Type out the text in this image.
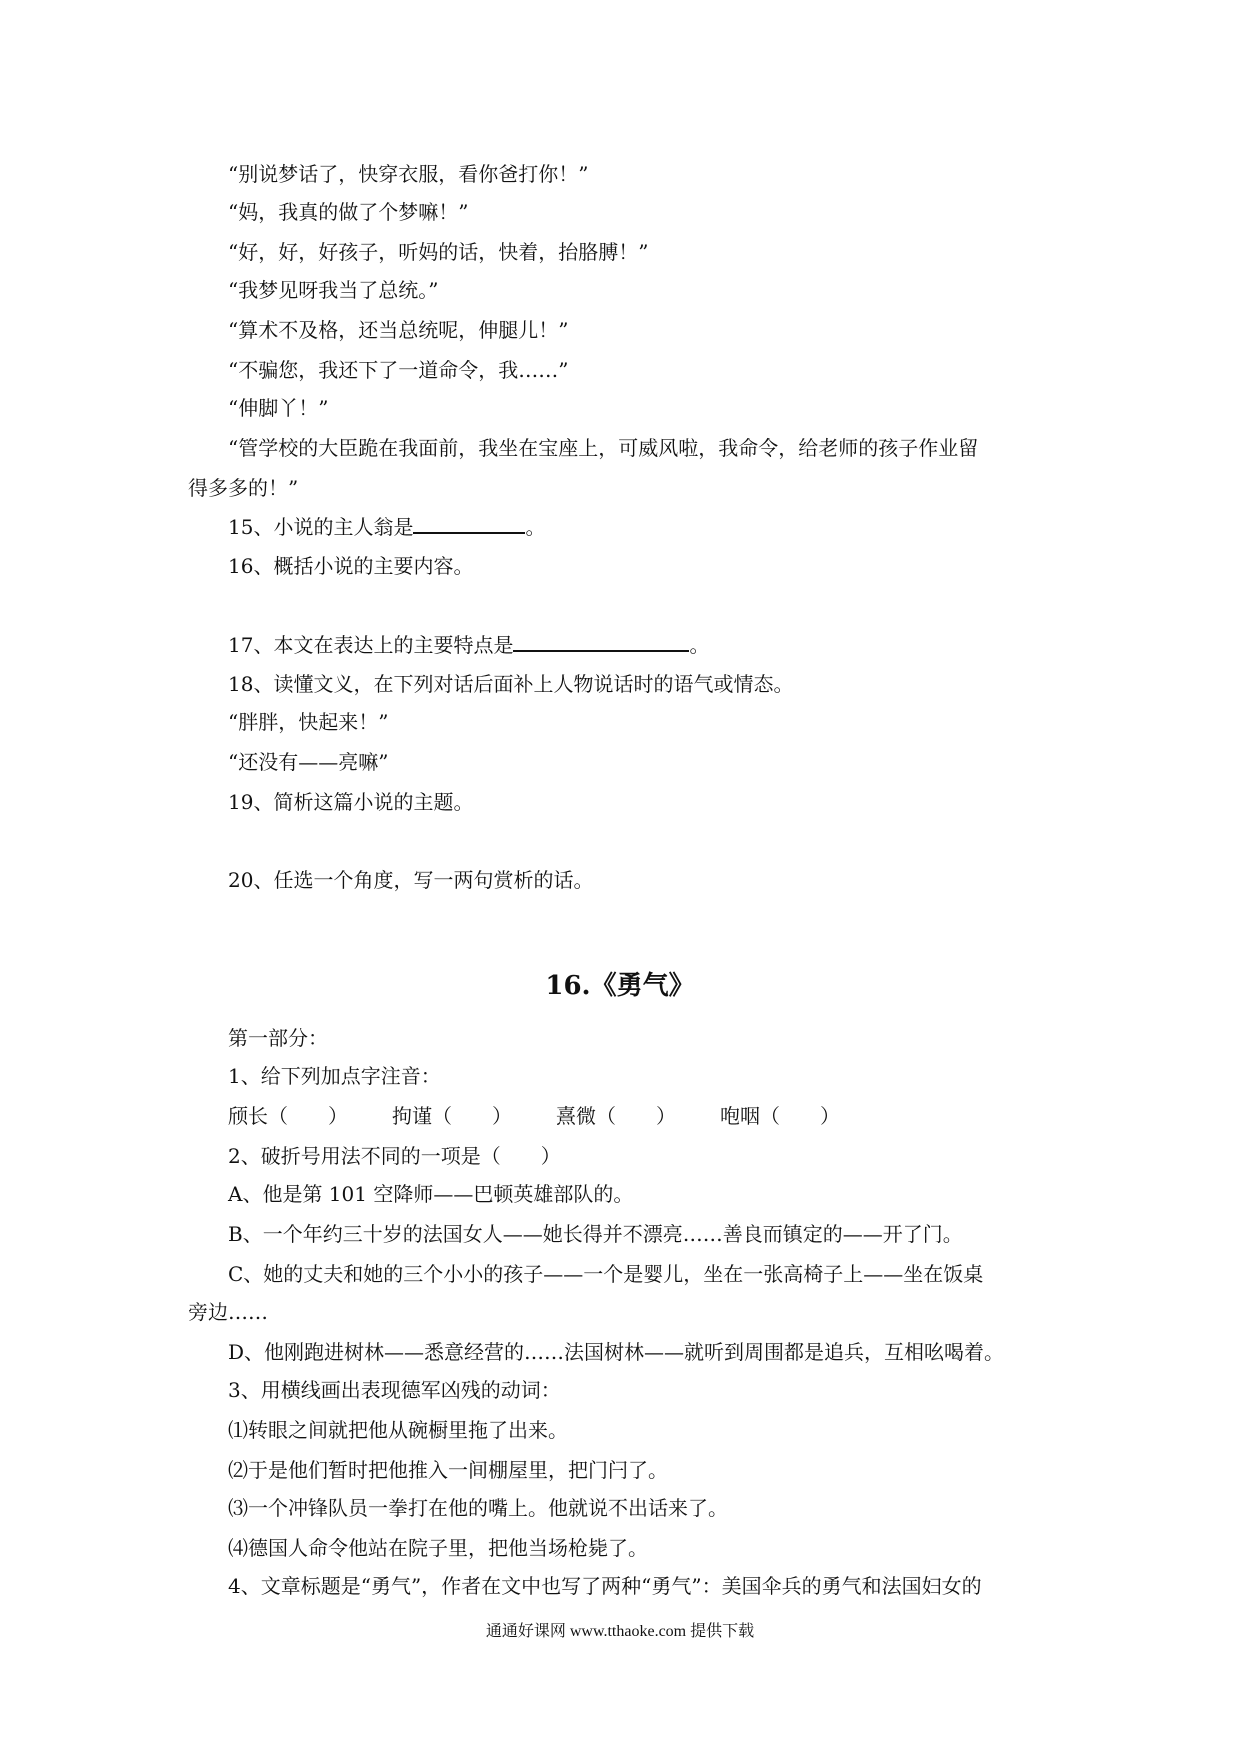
“别说梦话了，快穿衣服，看你爸打你！”
“妈，我真的做了个梦嘛！”
“好，好，好孩子，听妈的话，快着，抬胳膊！”
“我梦见呀我当了总统。”
“算术不及格，还当总统呢，伸腿儿！”
“不骗您，我还下了一道命令，我……”
“伸脚丫！”
“管学校的大臣跪在我面前，我坐在宝座上，可威风啦，我命令，给老师的孩子作业留
得多多的！”
15、小说的主人翁是	。
16、概括小说的主要内容。
17、本文在表达上的主要特点是	。
18、读懂文义，在下列对话后面补上人物说话时的语气或情态。
“胖胖，快起来！”
“还没有——亮嘛”
19、简析这篇小说的主题。
20、任选一个角度，写一两句赏析的话。
16.《勇气》
第一部分：
1、给下列加点字注音：
颀长（　　） 拘谨（　　） 熹微（　　） 咆咽（　　）
2、破折号用法不同的一项是（　　）
A、他是第 101 空降师——巴顿英雄部队的。
B、一个年约三十岁的法国女人——她长得并不漂亮……善良而镇定的——开了门。
C、她的丈夫和她的三个小小的孩子——一个是婴儿，坐在一张高椅子上——坐在饭桌
旁边……
D、他刚跑进树林——悉意经营的……法国树林——就听到周围都是追兵，互相吆喝着。
3、用横线画出表现德军凶残的动词：
⑴转眼之间就把他从碗橱里拖了出来。
⑵于是他们暂时把他推入一间棚屋里，把门闩了。
⑶一个冲锋队员一拳打在他的嘴上。他就说不出话来了。
⑷德国人命令他站在院子里，把他当场枪毙了。
4、文章标题是“勇气”，作者在文中也写了两种“勇气”：美国伞兵的勇气和法国妇女的
通通好课网 www.tthaoke.com 提供下载
